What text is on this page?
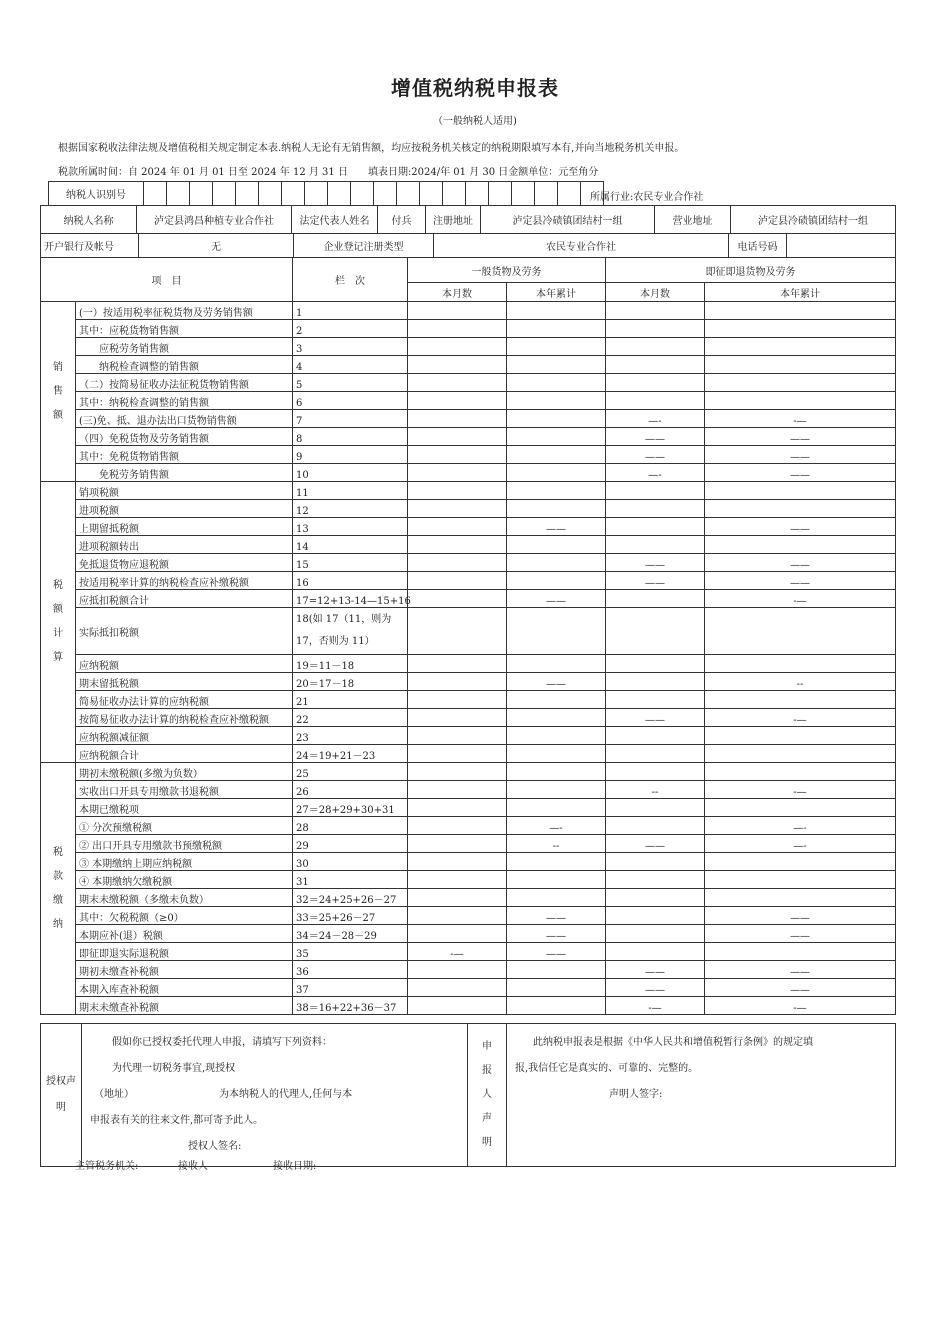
增值税纳税申报表
（一般纳税人适用)
根据国家税收法律法规及增值税相关规定制定本表.纳税人无论有无销售额，均应按税务机关核定的纳税期限填写本有,并向当地税务机关申报。
税款所属时间：自 2024 年 01 月 01 日至 2024 年 12 月 31 日　　填表日期:2024/年 01 月 30 日金额单位：元至角分
纳税人识别号																					所属行业:农民专业合作社
纳税人名称	泸定县鸿昌种植专业合作社	法定代表人姓名	付兵	注册地址	泸定县冷碛镇团结村一组	营业地址	泸定县冷碛镇团结村一组
开户银行及帐号	无	企业登记注册类型	农民专业合作社	电话号码	
项　目		栏　次	一般货物及劳务		即征即退货物及劳务	
			本月数	本年累计	本月数	本年累计
销售额	(一）按适用税率征税货物及劳务销售额	1				
	其中：应税货物销售额	2				
	　　应税劳务销售额	3				
	　　纳税检查调整的销售额	4				
	（二）按简易征收办法征税货物销售额	5				
	其中：纳税检查调整的销售额	6				
	(三)免、抵、退办法出口货物销售额	7			—-	-—
	（四）免税货物及劳务销售额	8			——	——
	其中：免税货物销售额	9			——	——
	　　免税劳务销售额	10			—-	——
税额计算	销项税额	11				
	进项税额	12				
	上期留抵税额	13		——		——
	进项税额转出	14				
	免抵退货物应退税额	15			——	——
	按适用税率计算的纳税检查应补缴税额	16			——	——
	应抵扣税额合计	17=12+13-14—15+16		——		-—
	实际抵扣税额	18(如 17（11，则为　　17，否则为 11）				
	应纳税额	19＝11－18				
	期末留抵税额	20＝17－18		——		--
	简易征收办法计算的应纳税额	21				
	按简易征收办法计算的纳税检查应补缴税额	22			——	-—
	应纳税额减征额	23				
	应纳税额合计	24＝19+21－23				
税款缴纳	期初未缴税额(多缴为负数）	25				
	实收出口开具专用缴款书退税额	26			--	-—
	本期已缴税项	27＝28+29+30+31				
	① 分次预缴税额	28		—-		—-
	② 出口开具专用缴款书预缴税额	29		--	——	—-
	③ 本期缴纳上期应纳税额	30				
	④ 本期缴纳欠缴税额	31				
	期末未缴税额（多缴未负数）	32＝24+25+26－27				
	其中：欠税税额（≥0）	33＝25+26－27		——		——
	本期应补(退）税额	34＝24－28－29		——		——
	即征即退实际退税额	35	-—	——		
	期初未缴查补税额	36			——	——
	本期入库查补税额	37			——	——
	期末未缴查补税额	38＝16+22+36－37			-—	-—
授权声明	
假如你已授权委托代理人申报，请填写下列资料：
为代理一切税务事宜,现授权
（地址）　　　　　　　　　为本纳税人的代理人,任何与本
申报表有关的往来文件,都可寄予此人。
授权人签名:
	申报人声明	
此纳税申报表是根据《中华人民共和增值税暂行条例》的规定填
报,我信任它是真实的、可靠的、完整的。
声明人签字:
主管税务机关:	接收人	接收日期:
